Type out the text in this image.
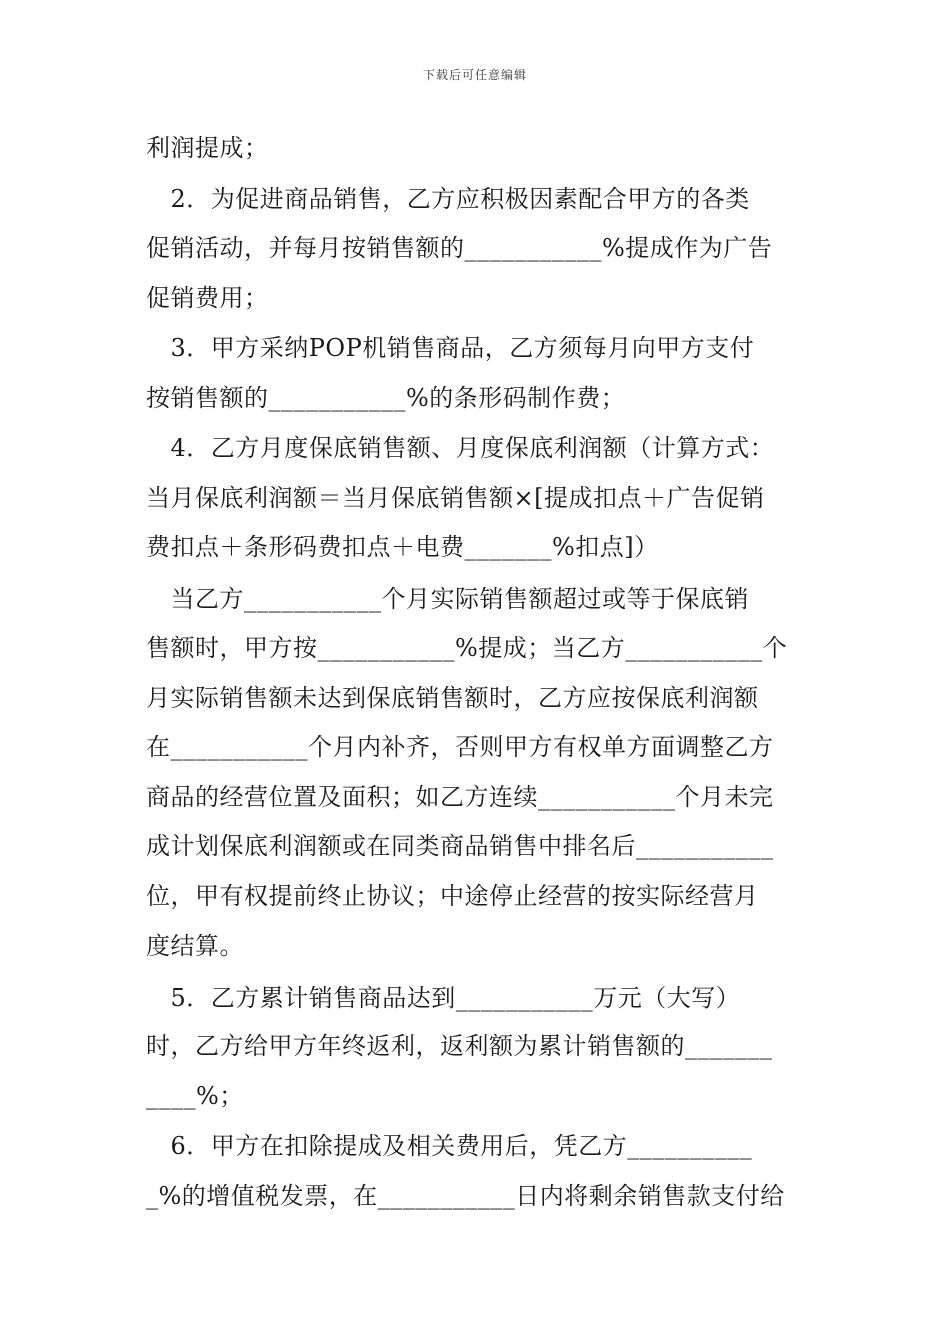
下载后可任意编辑
利润提成；
　2．为促进商品销售，乙方应积极因素配合甲方的各类
促销活动，并每月按销售额的___________%提成作为广告
促销费用；
　3．甲方采纳POP机销售商品，乙方须每月向甲方支付
按销售额的___________%的条形码制作费；
　4．乙方月度保底销售额、月度保底利润额（计算方式：
当月保底利润额＝当月保底销售额×[提成扣点＋广告促销
费扣点＋条形码费扣点＋电费_______%扣点]）
　当乙方___________个月实际销售额超过或等于保底销
售额时，甲方按___________%提成；当乙方___________个
月实际销售额未达到保底销售额时，乙方应按保底利润额
在___________个月内补齐，否则甲方有权单方面调整乙方
商品的经营位置及面积；如乙方连续___________个月未完
成计划保底利润额或在同类商品销售中排名后___________
位，甲有权提前终止协议；中途停止经营的按实际经营月
度结算。
　5．乙方累计销售商品达到___________万元（大写）
时，乙方给甲方年终返利，返利额为累计销售额的_______
____%；
　6．甲方在扣除提成及相关费用后，凭乙方__________
_%的增值税发票，在___________日内将剩余销售款支付给
